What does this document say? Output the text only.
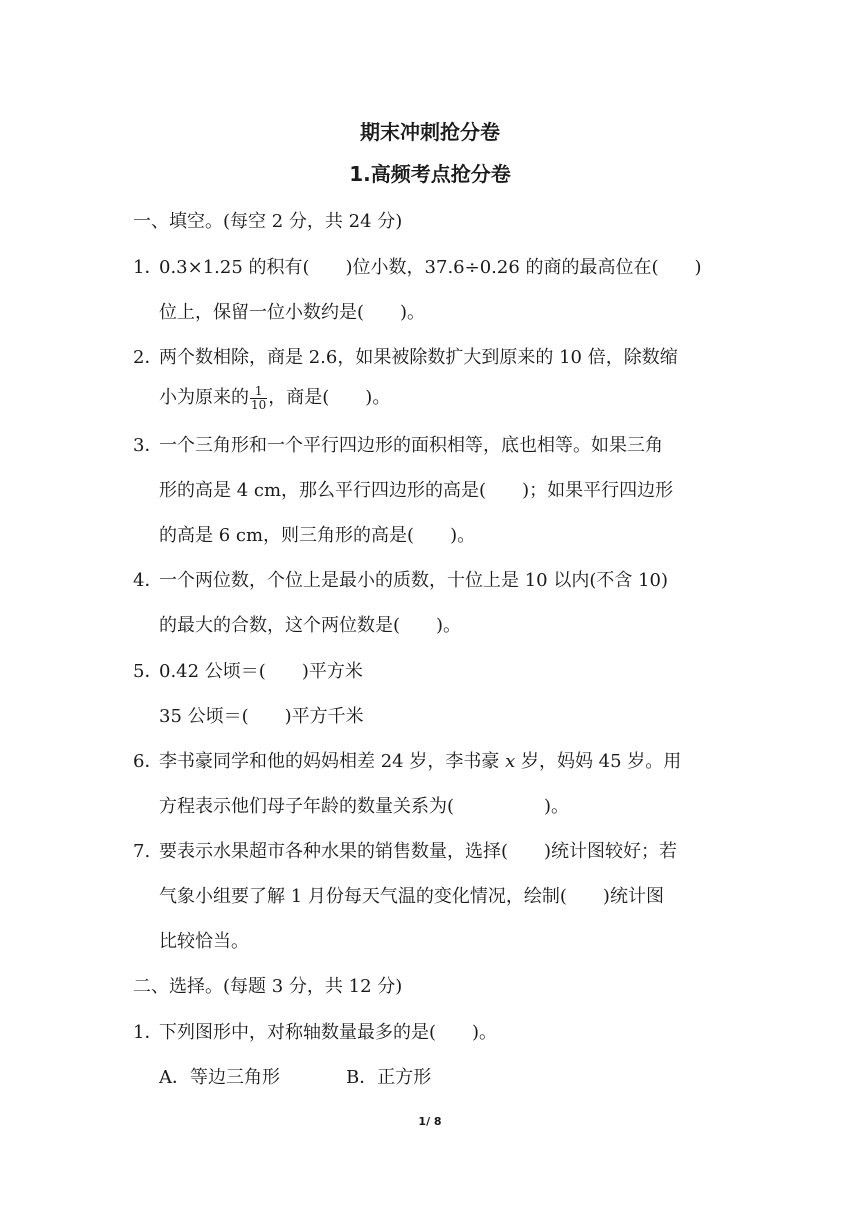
期末冲刺抢分卷
1.高频考点抢分卷
一、填空。(每空 2 分，共 24 分)
1．0.3×1.25 的积有(　　)位小数，37.6÷0.26 的商的最高位在(　　)
位上，保留一位小数约是(　　)。
2．两个数相除，商是 2.6，如果被除数扩大到原来的 10 倍，除数缩
小为原来的 $\frac{1}{10}$ ，商是(　　)。
3．一个三角形和一个平行四边形的面积相等，底也相等。如果三角
形的高是 4 cm，那么平行四边形的高是(　　)；如果平行四边形
的高是 6 cm，则三角形的高是(　　)。
4．一个两位数，个位上是最小的质数，十位上是 10 以内(不含 10)
的最大的合数，这个两位数是(　　)。
5．0.42 公顷＝(　　)平方米
35 公顷＝(　　)平方千米
6．李书豪同学和他的妈妈相差 24 岁，李书豪 x 岁，妈妈 45 岁。用
方程表示他们母子年龄的数量关系为(　　　　　)。
7. 要表示水果超市各种水果的销售数量，选择(　　)统计图较好；若
气象小组要了解 1 月份每天气温的变化情况，绘制(　　)统计图
比较恰当。
二、选择。(每题 3 分，共 12 分)
1．下列图形中，对称轴数量最多的是(　　)。
A．等边三角形	B．正方形
1/ 8
